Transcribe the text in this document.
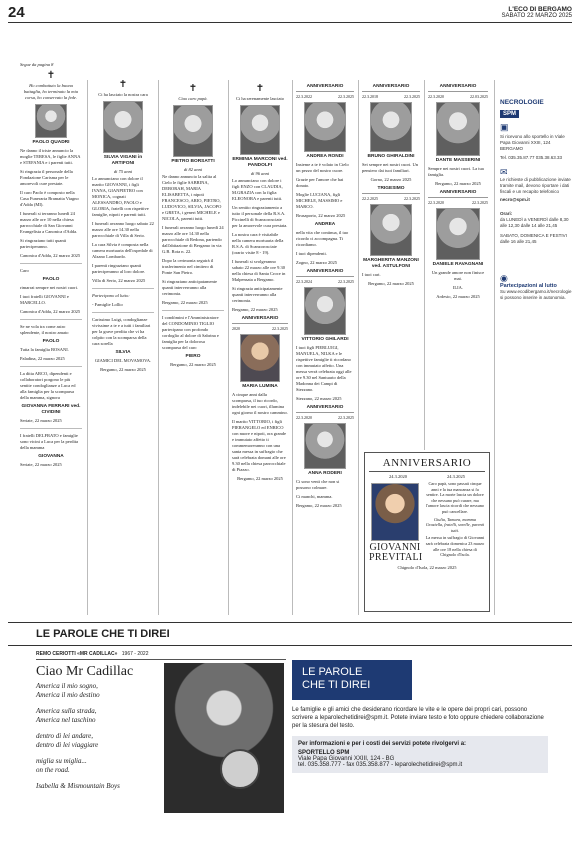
24	L'ECO DI BERGAMO
SABATO 22 MARZO 2025
Segue da pagina 8
✝

Ho combattuto la buona battaglia, ho terminato la mia corsa, ho conservato la fede.

PAOLO QUADRI

Ne danno il triste annuncio la moglie TERESA, le figlie ANNA e STEFANIA e i parenti tutti.

Si ringrazia il personale della Fondazione Carisma per le amorevoli cure prestate.

Il caro Paolo è composto nella Casa Funeraria Bramatta Viagno d'Adda (MI).

I funerali si terranno lunedì 24 marzo alle ore 10 nella chiesa parrocchiale di San Giovanni Evangelista a Canonica d'Adda.

Si ringraziano tutti quanti parteciperanno.

Canonica d'Adda, 22 marzo 2025

Caro

PAOLO

rimarrai sempre nei nostri cuori.

I tuoi fratelli GIOVANNI e MARCELLO.

Canonica d'Adda, 22 marzo 2025

Se ne vola tra come astro splendente, il nostro amato

PAOLO

Tutta la famiglia BOSANI.

Paladina, 22 marzo 2025

La ditta ARCO, dipendenti e collaboratori porgono le più sentite condoglianze a Luca ed alla famiglia per la scomparsa della mamma, signora

GIOVANNA FERRARI ved. CIVIDINI

Seriate, 22 marzo 2025

I fratelli DELFRATO e famiglie sono vicini a Luca per la perdita della mamma

GIOVANNA

Seriate, 22 marzo 2025

✝

Ci ha lasciato la nostra cara

SILVIA VIGANI in ARTIFONI
di 75 anni

Lo annunciano con dolore il marito GIOVANNI, i figli IVANA, GIANPIETRO con MONICA, cognati ALESSANDRO, PAOLO e GLORIA, fratelli con rispettive famiglie, nipoti e parenti tutti.

I funerali avranno luogo sabato 22 marzo alle ore 14.30 nella parrocchiale di Villa di Serio.

La cara Silvia è composta nella camera mortuaria dell'ospedale di Alzano Lombardo.

I parenti ringraziano quanti parteciperanno al loro dolore.

Villa di Serio, 22 marzo 2025

Partecipano al lutto:

- Famiglie Lollio

Carissimo Luigi, condoglianze vivissime a te e a tutti i familiari per la grave perdita che vi ha colpito con la scomparsa della cara sorella

SILVIA

GIAMICI DEL MOVAMOVA.

Bergamo, 22 marzo 2025

✝

Ciao caro papà.

PIETRO BORSATTI
di 82 anni

Ne danno annuncio la salita al Cielo le figlie SABRINA, DEBORAH, MARIA ELISABETTA, i nipoti FRANCESCO, ARIO, PIETRO, LUDOVICO, SILVIA, JACOPO e GRETA, i generi MICHELE e NICOLA, parenti tutti.

I funerali avranno luogo lunedì 24 marzo alle ore 14.30 nella parrocchiale di Redona, partendo dall'abitazione di Bergamo in via G.B. Rota n. 22.

Dopo la cerimonia seguirà il trasferimento nel cimitero di Ponte San Pietro.

Si ringraziano anticipatamente quanti interverranno alla cerimonia.

Bergamo, 22 marzo 2025

I condòmini e l'Amministratore del CONDOMINIO TIGLIO partecipano con profondo cordoglio al dolore di Sabrina e famiglia per la dolorosa scomparsa del caro

PIERO

Bergamo, 22 marzo 2025

✝

Ci ha serenamente lasciato

ERMINIA MARCONI ved. PANDOLFI
di 96 anni

Lo annunciano con dolore i figli ENZO con CLAUDIA, M.GRAZIA con la figlia ELEONORA e parenti tutti.

Un sentito ringraziamento a tutto il personale della R.S.A. Piccinelli di Scanzorosciate per la amorevole cura prestata.

La nostra cara è visitabile nella camera mortuaria della R.S.A. di Scanzorosciate (orario visite 8 - 19).

I funerali si svolgeranno sabato 22 marzo alle ore 9.30 nella chiesa di Santa Croce in Malpensata a Bergamo.

Si ringrazia anticipatamente quanti interverranno alla cerimonia.

Bergamo, 22 marzo 2025

ANNIVERSARIO
2020	22.3.2025
MARIA LUMINA

A cinque anni dalla scomparsa, il tuo ricordo, indelebile nei cuori, illumina ogni giorno il nostro cammino.

Il marito VITTORIO, i figli PIERANGELO ed ENRICO con nuore e nipoti, ora grande e immutato affetto ti commemoreranno con una santa messa in suffragio che sarà celebrata domani alle ore 9.30 nella chiesa parrocchiale di Piazzo.

Bergamo, 22 marzo 2025

ANNIVERSARIO
22.3.2022	22.3.2025
ANDREA RONDI

Insieme a te è volato in Cielo un pezzo del nostro cuore.

Grazie per l'amore che hai donato.

Moglie LUCIANA, figli MICHELE, MASSIMO e MARCO.

Brusaporto, 22 marzo 2025

ANDREA

nella vita che continua, il tuo ricordo ci accompagna. Ti ricordiamo.

I tuoi dipendenti.

Zogno, 22 marzo 2025

ANNIVERSARIO
22.3.2024	22.3.2025
VITTORIO GHILARDI

I tuoi figli PIERLUIGI, MANUELA, NILKA e le rispettive famiglie ti ricordano con immutato affetto. Una messa verrà celebrata oggi alle ore 9.30 nel Santuario della Madonna dei Campi di Stezzano.

Stezzano, 22 marzo 2025

ANNIVERSARIO
22.3.2020	22.3.2025
ANNA RODERI

Ci sono venti che non si possono colmare.

Ci manchi, mamma.

Bergamo, 22 marzo 2025

ANNIVERSARIO
22.3.2018	22.3.2025
BRUNO GHIRALDINI

Sei sempre nei nostri cuori. Un pensiero dai tuoi familiari.

Gorno, 22 marzo 2025

TRIGESIMO
22.2.2025	22.3.2025
MARGHERITA MANZONI ved. ASTULFONI

I tuoi cari.

Bergamo, 22 marzo 2025

ANNIVERSARIO
22.3.2020	22.03.2025
DANTE MASSERINI

Sempre nei nostri cuori. La tua famiglia.

Bergamo, 22 marzo 2025

ANNIVERSARIO
22.3.2020	22.3.2025
DANIELE RAVAGNANI

Un grande amore non finisce mai.

ILIA.

Ardesio, 22 marzo 2025

ANNIVERSARIO
24.3.2020	24.3.2025
GIOVANNI
PREVITALI

Caro papà, sono passati cinque anni e la tua mancanza si fa sentire. La morte lascia un dolore che nessuno può curare, ma l'amore lascia ricordi che nessuno può cancellare.

Giulia, Tamara, mamma Graziella, fratelli, sorelle, parenti tutti.

La messa in suffragio di Giovanni sarà celebrata domenica 23 marzo alle ore 18 nella chiesa di Chignolo d'Isola.

Chignolo d'Isola, 22 marzo 2025
NECROLOGIE
SPM
▣

Si ricevono allo sportello in Viale Papa Giovanni XXIII, 124 BERGAMO

Tel. 035.35.87.77 035.38.63.33

✉

Le richieste di pubblicazione inviate tramite mail, devono riportare i dati fiscali e un recapito telefonico

necro@spm.it

Orari:

da LUNEDÌ a VENERDÌ dalle 8,30 alle 12,30 dalle 14 alle 21,45

SABATO, DOMENICA E FESTIVI dalle 16 alle 21,45

◉

Partecipazioni al lutto

Su www.ecodibergamo.it/necrologie si possono inserire in autonomia.

LE PAROLE CHE TI DIREI
REMO CERIOTTI «MR CADILLAC» 1967 - 2022
Ciao Mr Cadillac
America il mio sogno,
America il mio destino
America sulla strada,
America nel taschino
dentro di lei andare,
dentro di lei viaggiare
miglia su miglia...
on the road.
Isabella & Mismountain Boys
LE PAROLE
CHE TI DIREI

Le famiglie e gli amici che desiderano ricordare le vite e le opere dei propri cari, possono scrivere a leparolechetidirei@spm.it. Potete inviare testo e foto oppure chiedere collaborazione per la stesura del testo.

Per informazioni e per i costi dei servizi potete rivolgervi a:

SPORTELLO SPM

Viale Papa Giovanni XXIII, 124 - BG

tel. 035.358.777 - fax 035.358.877 - leparolechetidirei@spm.it
